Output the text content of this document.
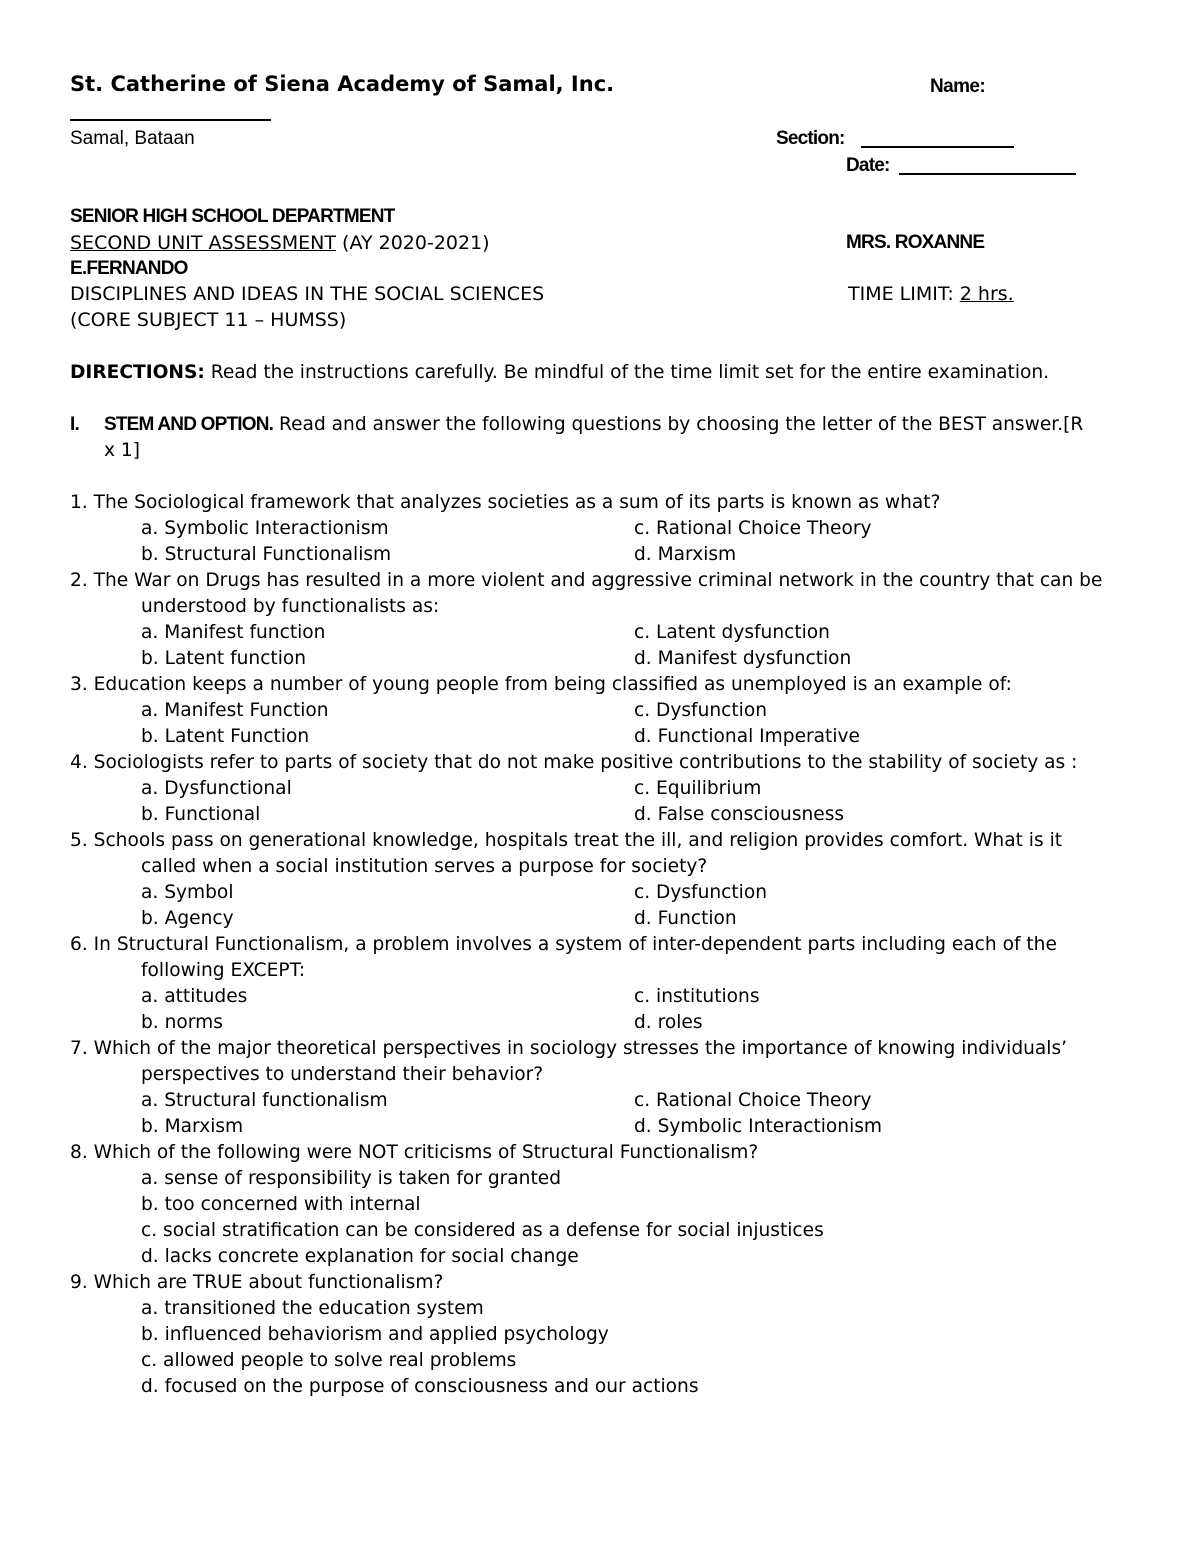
St. Catherine of Siena Academy of Samal, Inc.	Name:
Samal, Bataan	Section:
Date:
SENIOR HIGH SCHOOL DEPARTMENT
SECOND UNIT ASSESSMENT (AY 2020-2021)	MRS. ROXANNE
E.FERNANDO
DISCIPLINES AND IDEAS IN THE SOCIAL SCIENCES	TIME LIMIT: 2 hrs.
(CORE SUBJECT 11 – HUMSS)
DIRECTIONS: Read the instructions carefully. Be mindful of the time limit set for the entire examination.
I. STEM AND OPTION. Read and answer the following questions by choosing the letter of the BEST answer.[R
x 1]
1. The Sociological framework that analyzes societies as a sum of its parts is known as what?
a. Symbolic Interactionism	c. Rational Choice Theory
b. Structural Functionalism	d. Marxism
2. The War on Drugs has resulted in a more violent and aggressive criminal network in the country that can be
understood by functionalists as:
a. Manifest function	c. Latent dysfunction
b. Latent function	d. Manifest dysfunction
3. Education keeps a number of young people from being classified as unemployed is an example of:
a. Manifest Function	c. Dysfunction
b. Latent Function	d. Functional Imperative
4. Sociologists refer to parts of society that do not make positive contributions to the stability of society as :
a. Dysfunctional	c. Equilibrium
b. Functional	d. False consciousness
5. Schools pass on generational knowledge, hospitals treat the ill, and religion provides comfort. What is it
called when a social institution serves a purpose for society?
a. Symbol	c. Dysfunction
b. Agency	d. Function
6. In Structural Functionalism, a problem involves a system of inter-dependent parts including each of the
following EXCEPT:
a. attitudes	c. institutions
b. norms	d. roles
7. Which of the major theoretical perspectives in sociology stresses the importance of knowing individuals’
perspectives to understand their behavior?
a. Structural functionalism	c. Rational Choice Theory
b. Marxism	d. Symbolic Interactionism
8. Which of the following were NOT criticisms of Structural Functionalism?
a. sense of responsibility is taken for granted
b. too concerned with internal
c. social stratification can be considered as a defense for social injustices
d. lacks concrete explanation for social change
9. Which are TRUE about functionalism?
a. transitioned the education system
b. influenced behaviorism and applied psychology
c. allowed people to solve real problems
d. focused on the purpose of consciousness and our actions
